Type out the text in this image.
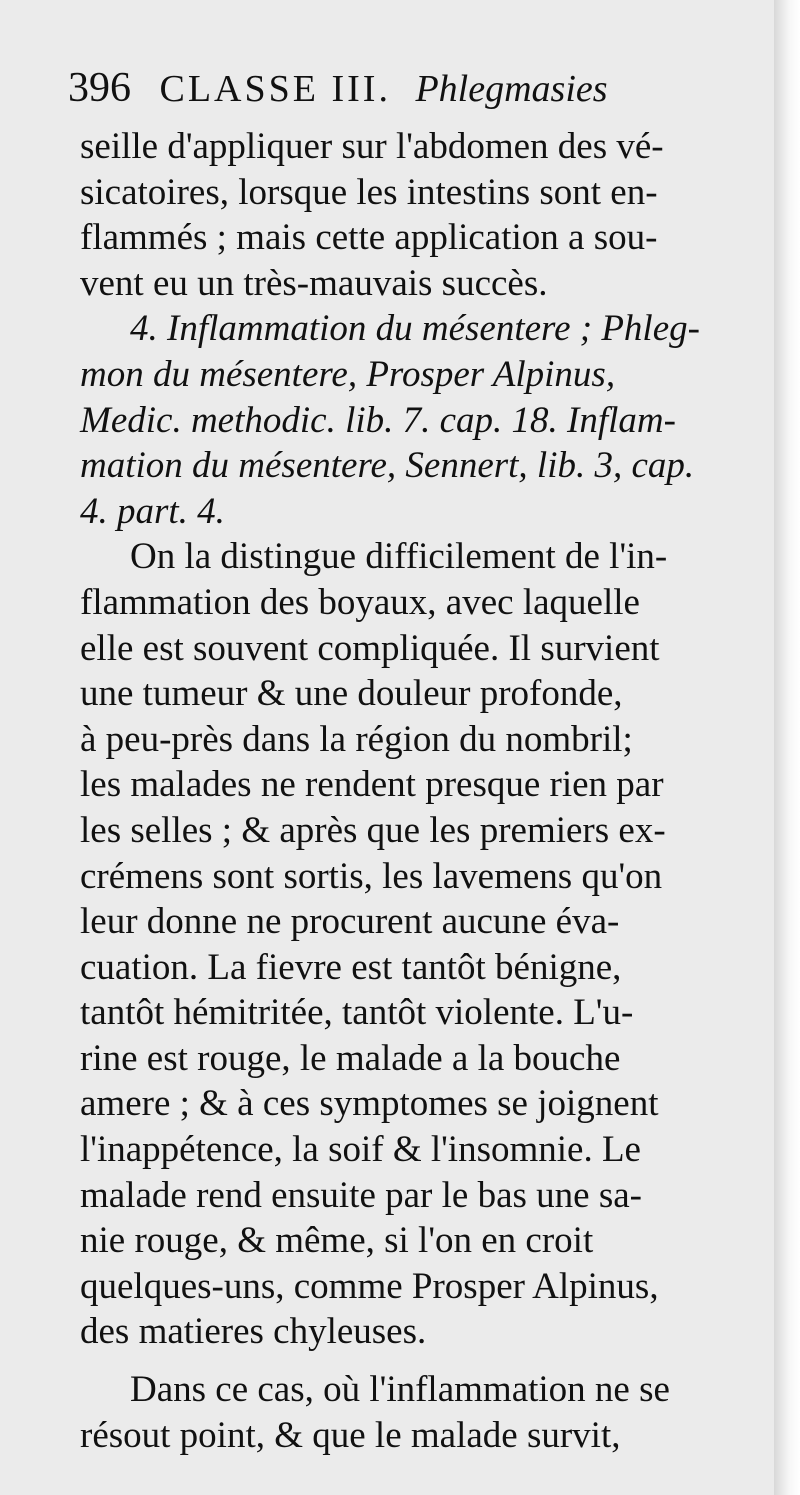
396 CLASSE III. Phlegmasies
seille d'appliquer sur l'abdomen des vé-
sicatoires, lorsque les intestins sont en-
flammés ; mais cette application a sou-
vent eu un très-mauvais succès.
4. Inflammation du mésentere ; Phleg-
mon du mésentere, Prosper Alpinus,
Medic. methodic. lib. 7. cap. 18. Inflam-
mation du mésentere, Sennert, lib. 3, cap.
4. part. 4.
On la distingue difficilement de l'in-
flammation des boyaux, avec laquelle
elle est souvent compliquée. Il survient
une tumeur & une douleur profonde,
à peu-près dans la région du nombril;
les malades ne rendent presque rien par
les selles ; & après que les premiers ex-
crémens sont sortis, les lavemens qu'on
leur donne ne procurent aucune éva-
cuation. La fievre est tantôt bénigne,
tantôt hémitritée, tantôt violente. L'u-
rine est rouge, le malade a la bouche
amere ; & à ces symptomes se joignent
l'inappétence, la soif & l'insomnie. Le
malade rend ensuite par le bas une sa-
nie rouge, & même, si l'on en croit
quelques-uns, comme Prosper Alpinus,
des matieres chyleuses.
Dans ce cas, où l'inflammation ne se
résout point, & que le malade survit,
